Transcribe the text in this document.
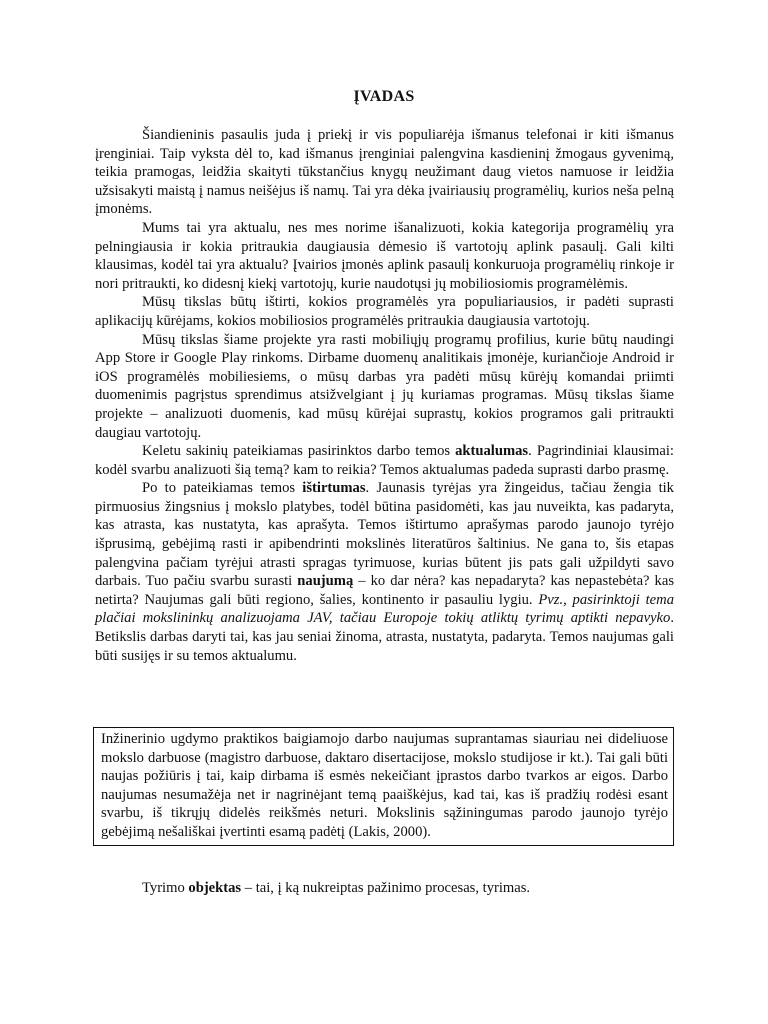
ĮVADAS

Šiandieninis pasaulis juda į priekį ir vis populiarėja išmanus telefonai ir kiti išmanus įrenginiai. Taip vyksta dėl to, kad išmanus įrenginiai palengvina kasdieninį žmogaus gyvenimą, teikia pramogas, leidžia skaityti tūkstančius knygų neužimant daug vietos namuose ir leidžia užsisakyti maistą į namus neišėjus iš namų. Tai yra dėka įvairiausių programėlių, kurios neša pelną įmonėms.

Mums tai yra aktualu, nes mes norime išanalizuoti, kokia kategorija programėlių yra pelningiausia ir kokia pritraukia daugiausia dėmesio iš vartotojų aplink pasaulį. Gali kilti klausimas, kodėl tai yra aktualu? Įvairios įmonės aplink pasaulį konkuruoja programėlių rinkoje ir nori pritraukti, ko didesnį kiekį vartotojų, kurie naudotųsi jų mobiliosiomis programėlėmis.

Mūsų tikslas būtų ištirti, kokios programėlės yra populiariausios, ir padėti suprasti aplikacijų kūrėjams, kokios mobiliosios programėlės pritraukia daugiausia vartotojų.

Mūsų tikslas šiame projekte yra rasti mobiliųjų programų profilius, kurie būtų naudingi App Store ir Google Play rinkoms. Dirbame duomenų analitikais įmonėje, kuriančioje Android ir iOS programėlės mobiliesiems, o mūsų darbas yra padėti mūsų kūrėjų komandai priimti duomenimis pagrįstus sprendimus atsižvelgiant į jų kuriamas programas. Mūsų tikslas šiame projekte – analizuoti duomenis, kad mūsų kūrėjai suprastų, kokios programos gali pritraukti daugiau vartotojų.

Keletu sakinių pateikiamas pasirinktos darbo temos aktualumas. Pagrindiniai klausimai: kodėl svarbu analizuoti šią temą? kam to reikia? Temos aktualumas padeda suprasti darbo prasmę.

Po to pateikiamas temos ištirtumas. Jaunasis tyrėjas yra žingeidus, tačiau žengia tik pirmuosius žingsnius į mokslo platybes, todėl būtina pasidomėti, kas jau nuveikta, kas padaryta, kas atrasta, kas nustatyta, kas aprašyta. Temos ištirtumo aprašymas parodo jaunojo tyrėjo išprusimą, gebėjimą rasti ir apibendrinti mokslinės literatūros šaltinius. Ne gana to, šis etapas palengvina pačiam tyrėjui atrasti spragas tyrimuose, kurias būtent jis pats gali užpildyti savo darbais. Tuo pačiu svarbu surasti naujumą – ko dar nėra? kas nepadaryta? kas nepastebėta? kas netirta? Naujumas gali būti regiono, šalies, kontinento ir pasauliu lygiu. Pvz., pasirinktoji tema plačiai mokslininkų analizuojama JAV, tačiau Europoje tokių atliktų tyrimų aptikti nepavyko. Betikslis darbas daryti tai, kas jau seniai žinoma, atrasta, nustatyta, padaryta. Temos naujumas gali būti susijęs ir su temos aktualumu.

Inžinerinio ugdymo praktikos baigiamojo darbo naujumas suprantamas siauriau nei dideliuose mokslo darbuose (magistro darbuose, daktaro disertacijose, mokslo studijose ir kt.). Tai gali būti naujas požiūris į tai, kaip dirbama iš esmės nekeičiant įprastos darbo tvarkos ar eigos. Darbo naujumas nesumažėja net ir nagrinėjant temą paaiškėjus, kad tai, kas iš pradžių rodėsi esant svarbu, iš tikrųjų didelės reikšmės neturi. Mokslinis sąžiningumas parodo jaunojo tyrėjo gebėjimą nešališkai įvertinti esamą padėtį (Lakis, 2000).

Tyrimo objektas – tai, į ką nukreiptas pažinimo procesas, tyrimas.
